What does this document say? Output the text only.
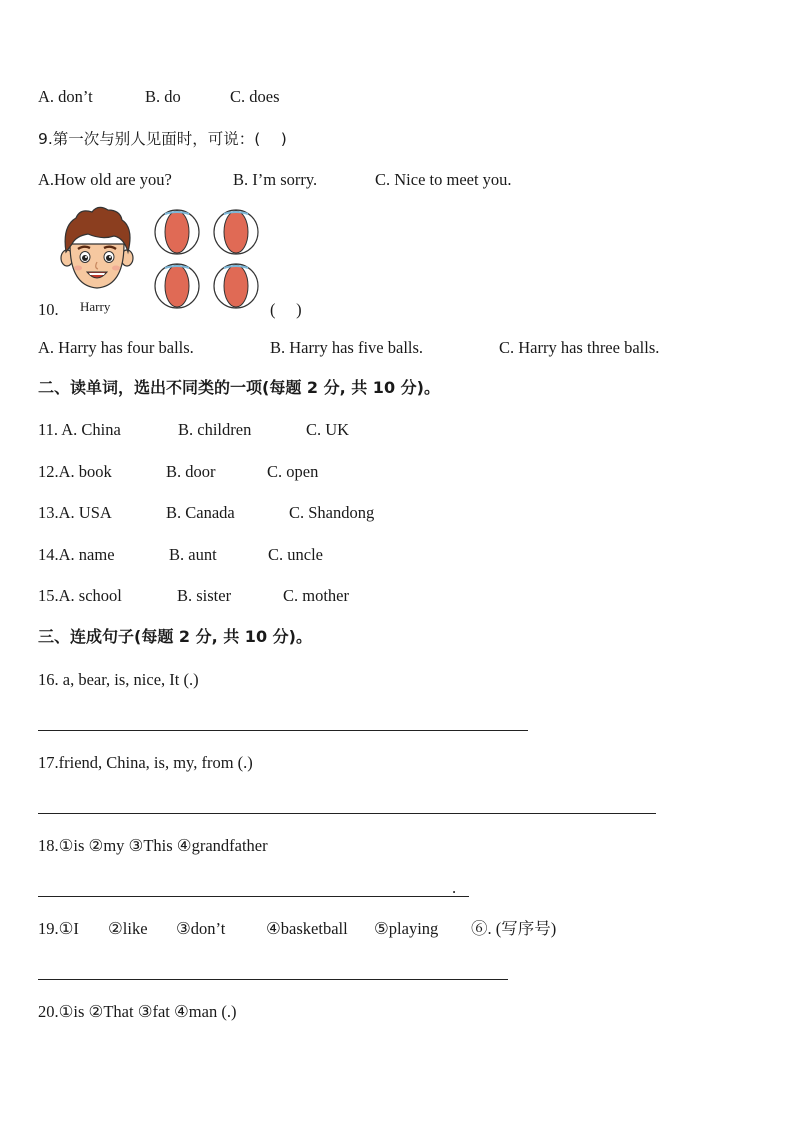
A. don’t	B. do	C. does
9.第一次与别人见面时，可说：(　 )
A.How old are you?	B. I’m sorry.	C. Nice to meet you.
Harry
10.	(　 )
A. Harry has four balls.	B. Harry has five balls.	C. Harry has three balls.
二、读单词，选出不同类的一项(每题 2 分, 共 10 分)。
11. A. China	B. children	C. UK
12.A. book	B. door	C. open
13.A. USA	B. Canada	C. Shandong
14.A. name	B. aunt	C. uncle
15.A. school	B. sister	C. mother
三、连成句子(每题 2 分, 共 10 分)。
16. a, bear, is, nice, It (.)
17.friend, China, is, my, from (.)
18.①is ②my ③This ④grandfather
.
19.①I ②like ③don’t ④basketball ⑤playing ⑥. (写序号)
20.①is ②That ③fat ④man (.)
